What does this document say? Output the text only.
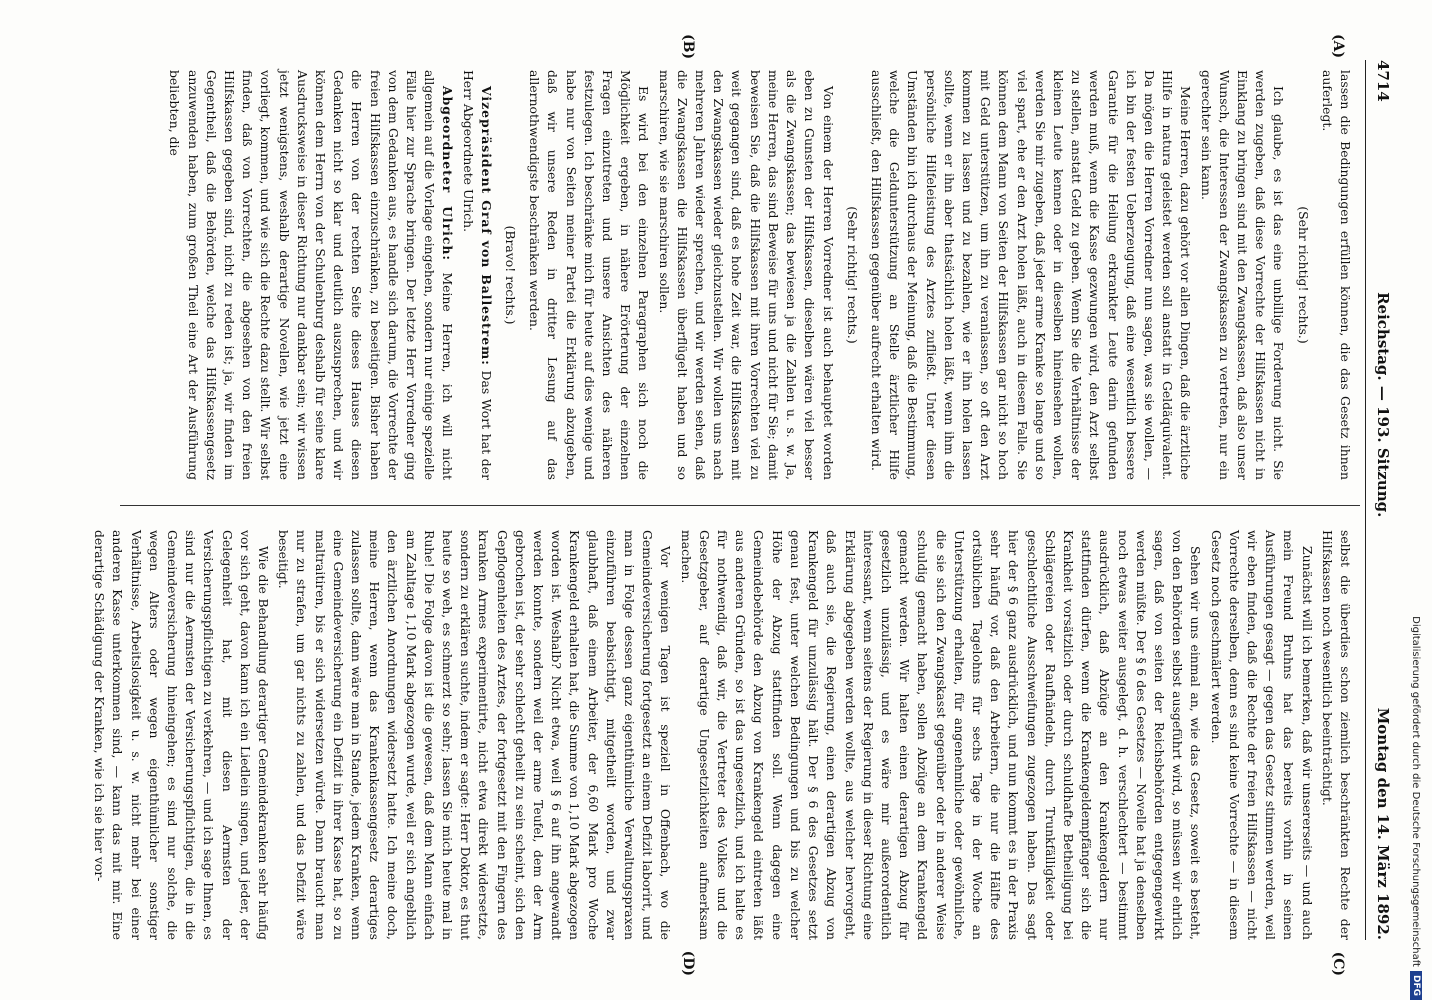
4714
Reichstag. — 193. Sitzung.
Montag den 14. März 1892.
(A)
(B)
(C)
(D)

lassen die Bedingungen erfüllen können, die das Gesetz ihnen auferlegt.

(Sehr richtig! rechts.)

Ich glaube, es ist das eine unbillige Forderung nicht. Sie werden zugeben, daß diese Vorrechte der Hilfskassen nicht in Einklang zu bringen sind mit den Zwangskassen, daß also unser Wunsch, die Interessen der Zwangskassen zu vertreten, nur ein gerechter sein kann.

Meine Herren, dazu gehört vor allen Dingen, daß die ärztliche Hilfe in natura geleistet werden soll anstatt in Geldäquivalent. Da mögen die Herren Vorredner nun sagen, was sie wollen, — ich bin der festen Ueberzeugung, daß eine wesentlich bessere Garantie für die Heilung erkrankter Leute darin gefunden werden muß, wenn die Kasse gezwungen wird, den Arzt selbst zu stellen, anstatt Geld zu geben. Wenn Sie die Verhältnisse der kleinen Leute kennen oder in dieselben hineinsehen wollen, werden Sie mir zugeben, daß jeder arme Kranke so lange und so viel spart, ehe er den Arzt holen läßt, auch in diesem Falle. Sie können dem Mann von Seiten der Hilfskassen gar nicht so hoch mit Geld unterstützen, um ihn zu veranlassen, so oft den Arzt kommen zu lassen und zu bezahlen, wie er ihn holen lassen sollte, wenn er ihn aber thatsächlich holen läßt, wenn ihm die persönliche Hilfeleistung des Arztes zufließt. Unter diesen Umständen bin ich durchaus der Meinung, daß die Bestimmung, welche die Geldunterstützung an Stelle ärztlicher Hilfe ausschließt, den Hilfskassen gegenüber aufrecht erhalten wird.

(Sehr richtig! rechts.)

Von einem der Herren Vorredner ist auch behauptet worden eben zu Gunsten der Hilfskassen, dieselben wären viel besser als die Zwangskassen; das bewiesen ja die Zahlen u. s. w. Ja, meine Herren, das sind Beweise für uns und nicht für Sie; damit beweisen Sie, daß die Hilfskassen mit ihren Vorrechten viel zu weit gegangen sind, daß es hohe Zeit war, die Hilfskassen mit den Zwangskassen wieder gleichzustellen. Wir wollen uns nach mehreren Jahren wieder sprechen, und wir werden sehen, daß die Zwangskassen die Hilfskassen überflügelt haben und so marschiren, wie sie marschiren sollen.

Es wird bei den einzelnen Paragraphen sich noch die Möglichkeit ergeben, in nähere Erörterung der einzelnen Fragen einzutreten und unsere Ansichten des näheren festzulegen. Ich beschränke mich für heute auf dies wenige und habe nur von Seiten meiner Partei die Erklärung abzugeben, daß wir unsere Reden in dritter Lesung auf das allernothwendigste beschränken werden.

(Bravo! rechts.)

Vizepräsident Graf von Ballestrem: Das Wort hat der Herr Abgeordnete Ulrich.

Abgeordneter Ulrich: Meine Herren, ich will nicht allgemein auf die Vorlage eingehen, sondern nur einige spezielle Fälle hier zur Sprache bringen. Der letzte Herr Vorredner ging von dem Gedanken aus, es handle sich darum, die Vorrechte der freien Hilfskassen einzuschränken, zu beseitigen. Bisher haben die Herren von der rechten Seite dieses Hauses diesen Gedanken nicht so klar und deutlich auszusprechen, und wir können dem Herrn von der Schulenburg deshalb für seine klare Ausdrucksweise in dieser Richtung nur dankbar sein; wir wissen jetzt wenigstens, weshalb derartige Novellen, wie jetzt eine vorliegt, kommen, und wie sich die Rechte dazu stellt. Wir selbst finden, daß von Vorrechten, die abgesehen von den freien Hilfskassen gegeben sind, nicht zu reden ist; ja, wir finden im Gegentheil, daß die Behörden, welche das Hilfskassengesetz anzuwenden haben, zum großen Theil eine Art der Ausführung beliebten, die

selbst die überdies schon ziemlich beschränkten Rechte der Hilfskassen noch wesentlich beeinträchtigt.

Zunächst will ich bemerken, daß wir unsererseits — und auch mein Freund Bruhns hat das bereits vorhin in seinen Ausführungen gesagt — gegen das Gesetz stimmen werden, weil wir eben finden, daß die Rechte der freien Hilfskassen — nicht Vorrechte derselben, denn es sind keine Vorrechte — in diesem Gesetz noch geschmälert werden.

Sehen wir uns einmal an, wie das Gesetz, soweit es besteht, von den Behörden selbst ausgeführt wird, so müssen wir ehrlich sagen, daß von seiten der Reichsbehörden entgegengewirkt werden müßte. Der § 6 des Gesetzes — Novelle hat ja denselben noch etwas weiter ausgelegt, d. h. verschlechtert — bestimmt ausdrücklich, daß Abzüge an den Krankengeldern nur stattfinden dürfen, wenn die Krankengeldempfänger sich die Krankheit vorsätzlich oder durch schuldhafte Betheiligung bei Schlägereien oder Raufhändeln, durch Trunkfälligkeit oder geschlechtliche Ausschweifungen zugezogen haben. Das sagt hier der § 6 ganz ausdrücklich, und nun kommt es in der Praxis sehr häufig vor, daß den Arbeitern, die nur die Hälfte des ortsüblichen Tagelohns für sechs Tage in der Woche an Unterstützung erhalten, für angenehmliche oder gewöhnliche, die sie sich den Zwangskasst gegenüber oder in anderer Weise schuldig gemacht haben, sollen Abzüge an dem Krankengeld gemacht werden. Wir halten einen derartigen Abzug für gesetzlich unzulässig, und es wäre mir außerordentlich interessant, wenn seitens der Regierung in dieser Richtung eine Erklärung abgegeben werden wollte, aus welcher hervorgeht, daß auch sie, die Regierung, einen derartigen Abzug von Krankengeld für unzulässig hält. Der § 6 des Gesetzes setzt genau fest, unter welchen Bedingungen und bis zu welcher Höhe der Abzug stattfinden soll. Wenn dagegen eine Gemeindebehörde den Abzug von Krankengeld eintreten läßt aus anderen Gründen, so ist das ungesetzlich, und ich halte es für nothwendig, daß wir, die Vertreter des Volkes und die Gesetzgeber, auf derartige Ungesetzlichkeiten aufmerksam machen.

Vor wenigen Tagen ist speziell in Offenbach, wo die Gemeindeversicherung fortgesetzt an einem Defizit laborirt, und man in Folge dessen ganz eigenthümliche Verwaltungspraxen einzuführen beabsichtigt, mitgetheilt worden, und zwar glaubhaft, daß einem Arbeiter, der 6,60 Mark pro Woche Krankengeld erhalten hat, die Summe von 1,10 Mark abgezogen worden ist. Weshalb? Nicht etwa, weil § 6 auf ihn angewandt werden konnte, sondern weil der arme Teufel, dem der Arm gebrochen ist, der sehr schlecht geheilt zu sein scheint, sich den Gepflogenheiten des Arztes, der fortgesetzt mit den Fingern des kranken Armes experimentirte, nicht etwa direkt widersetzte, sondern zu erklären suchte, indem er sagte: Herr Doktor, es thut heute so weh, es schmerzt so sehr; lassen Sie mich heute mal in Ruhe! Die Folge davon ist die gewesen, daß dem Mann einfach am Zahltage 1,10 Mark abgezogen wurde, weil er sich angeblich den ärztlichen Anordnungen widersetzt hatte. Ich meine doch, meine Herren, wenn das Krankenkassengesetz derartiges zulassen sollte, dann wäre man in Stande, jedem Kranken, wenn eine Gemeindeversicherung ein Defizit in ihrer Kasse hat, so zu maltraitiren, bis er sich widersetzen würde. Dann braucht man nur zu strafen, um gar nichts zu zahlen, und das Defizit wäre beseitigt.

Wie die Behandlung derartiger Gemeindekranken sehr häufig vor sich geht, davon kann ich ein Liedlein singen, und jeder, der Gelegenheit hat, mit diesen Aermsten der Versicherungspflichtigen zu verkehren, — und ich sage Ihnen, es sind nur die Aermsten der Versicherungspflichtigen, die in die Gemeindeversicherung hineingehen; es sind nur solche, die wegen Alters oder wegen eigenthümlicher sonstiger Verhältnisse, Arbeitslosigkeit u. s. w. nicht mehr bei einer anderen Kasse unterkommen sind, — kann das mit mir. Eine derartige Schädigung der Kranken, wie ich sie hier vor-	Digitalisierung gefördert durch die Deutsche Forschungsgemeinschaft
DFG
